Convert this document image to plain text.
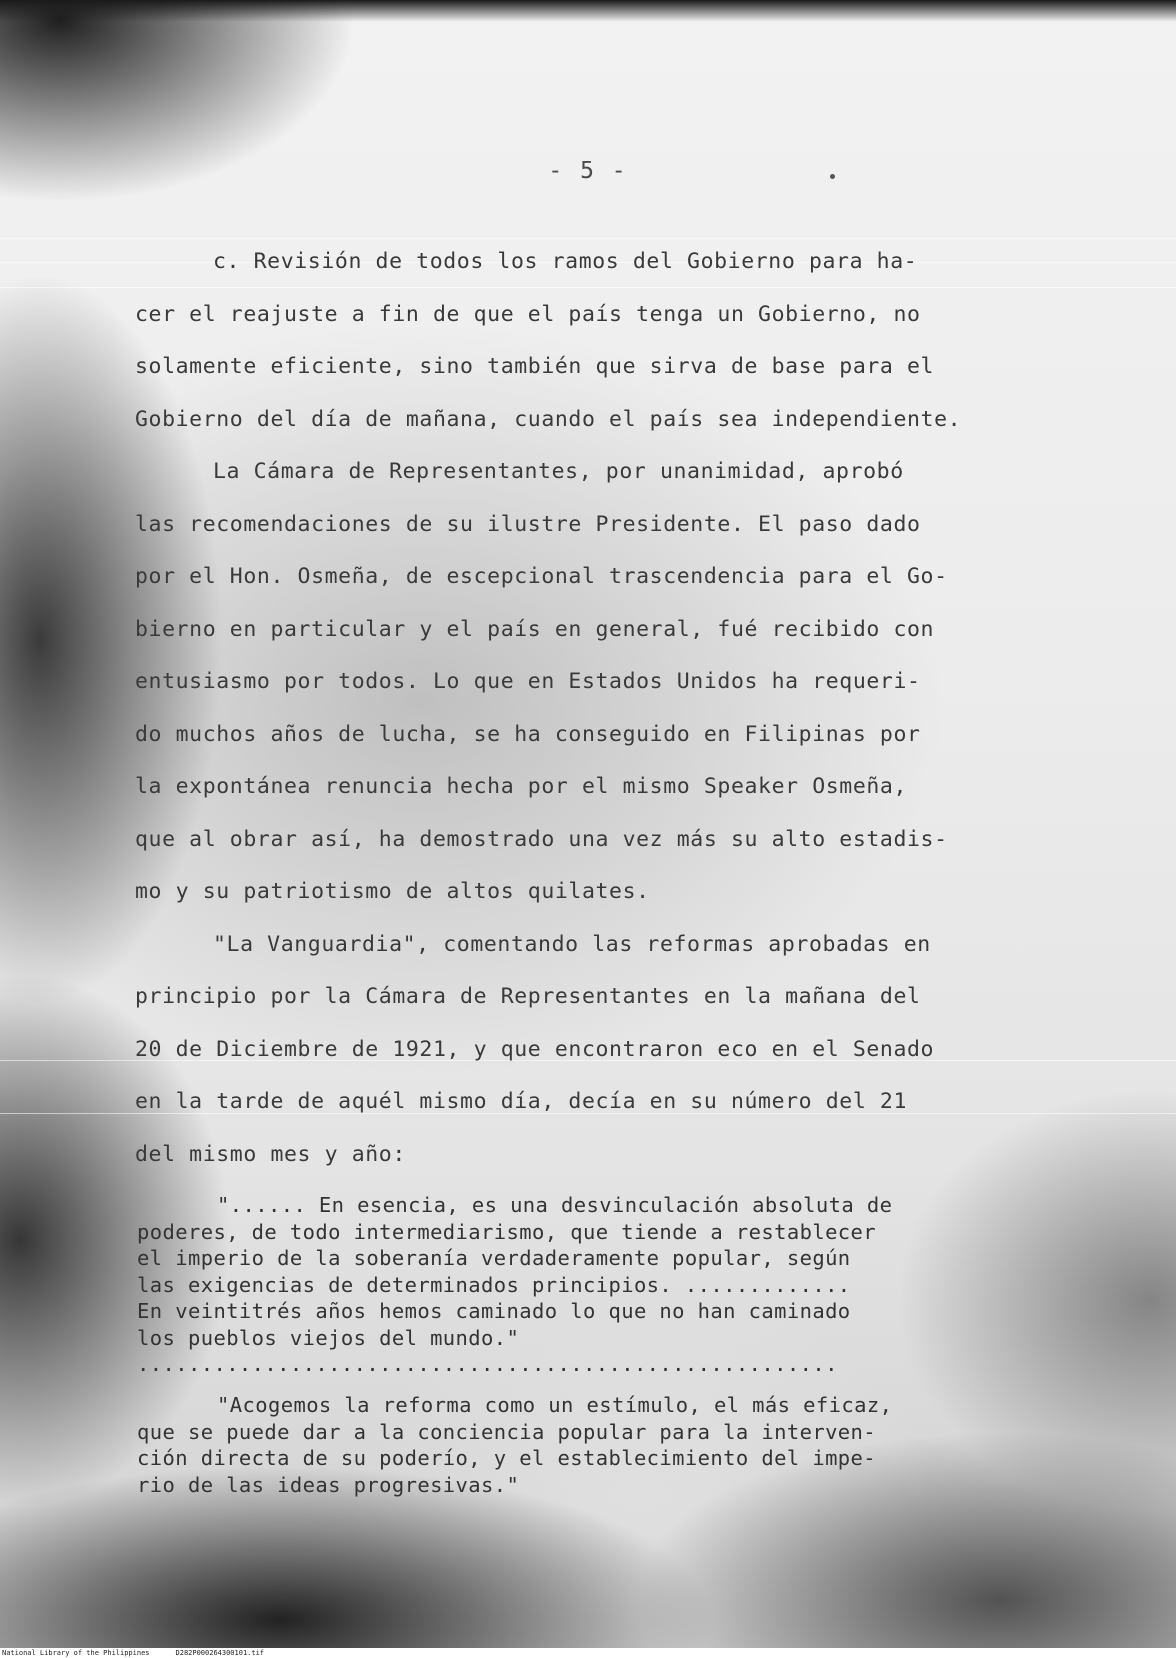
- 5 -
c. Revisión de todos los ramos del Gobierno para ha-
cer el reajuste a fin de que el país tenga un Gobierno, no
solamente eficiente, sino también que sirva de base para el
Gobierno del día de mañana, cuando el país sea independiente.
La Cámara de Representantes, por unanimidad, aprobó
las recomendaciones de su ilustre Presidente. El paso dado
por el Hon. Osmeña, de escepcional trascendencia para el Go-
bierno en particular y el país en general, fué recibido con
entusiasmo por todos. Lo que en Estados Unidos ha requeri-
do muchos años de lucha, se ha conseguido en Filipinas por
la expontánea renuncia hecha por el mismo Speaker Osmeña,
que al obrar así, ha demostrado una vez más su alto estadis-
mo y su patriotismo de altos quilates.
"La Vanguardia", comentando las reformas aprobadas en
principio por la Cámara de Representantes en la mañana del
20 de Diciembre de 1921, y que encontraron eco en el Senado
en la tarde de aquél mismo día, decía en su número del 21
del mismo mes y año:
"...... En esencia, es una desvinculación absoluta de
poderes, de todo intermediarismo, que tiende a restablecer
el imperio de la soberanía verdaderamente popular, según
las exigencias de determinados principios. .............
En veintitrés años hemos caminado lo que no han caminado
los pueblos viejos del mundo."
.......................................................
"Acogemos la reforma como un estímulo, el más eficaz,
que se puede dar a la conciencia popular para la interven-
ción directa de su poderío, y el establecimiento del impe-
rio de las ideas progresivas."
National Library of the Philippines	D282P000264300101.tif
